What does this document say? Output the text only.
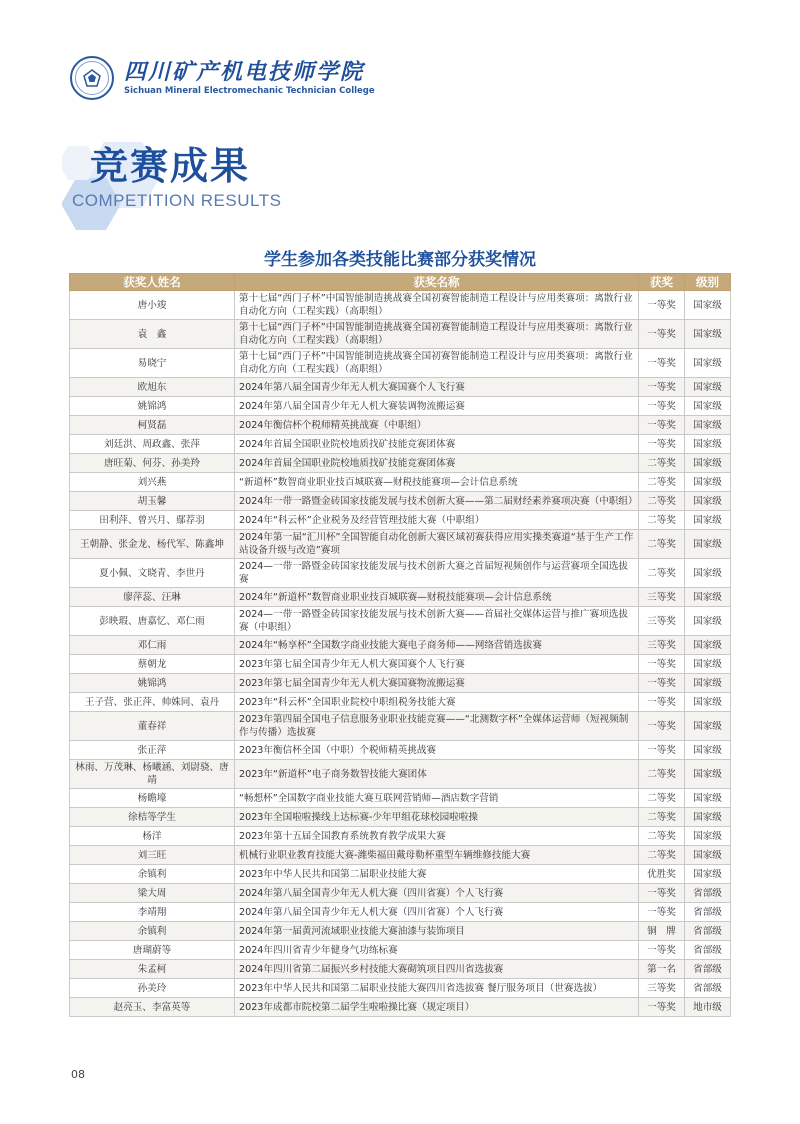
四川矿产机电技师学院
Sichuan Mineral Electromechanic Technician College
竞赛成果
COMPETITION RESULTS
学生参加各类技能比赛部分获奖情况
获奖人姓名	获奖名称	获奖	级别
唐小竣	第十七届“西门子杯”中国智能制造挑战赛全国初赛智能制造工程设计与应用类赛项：离散行业自动化方向（工程实践）（高职组）	一等奖	国家级
袁　鑫	第十七届“西门子杯”中国智能制造挑战赛全国初赛智能制造工程设计与应用类赛项：离散行业自动化方向（工程实践）（高职组）	一等奖	国家级
易晓宁	第十七届“西门子杯”中国智能制造挑战赛全国初赛智能制造工程设计与应用类赛项：离散行业自动化方向（工程实践）（高职组）	一等奖	国家级
欧旭东	2024年第八届全国青少年无人机大赛国赛个人飞行赛	一等奖	国家级
姚锦鸿	2024年第八届全国青少年无人机大赛装调物流搬运赛	一等奖	国家级
柯贤磊	2024年衡信杯个税师精英挑战赛（中职组）	一等奖	国家级
刘廷洪、周政鑫、张萍	2024年首届全国职业院校地质找矿技能竞赛团体赛	一等奖	国家级
唐旺菊、何芬、孙美羚	2024年首届全国职业院校地质找矿技能竞赛团体赛	二等奖	国家级
刘兴燕	“新道杯”数智商业职业技百城联赛—财税技能赛项—会计信息系统	二等奖	国家级
胡玉馨	2024年一带一路暨金砖国家技能发展与技术创新大赛——第二届财经素养赛项决赛（中职组）	二等奖	国家级
田利萍、曾兴月、鄢荐羽	2024年“科云杯”企业税务及经营管理技能大赛（中职组）	二等奖	国家级
王朝静、张金龙、杨代军、陈鑫坤	2024年第一届“汇川杯”全国智能自动化创新大赛区域初赛获得应用实操类赛道“基于生产工作站设备升级与改造”赛项	二等奖	国家级
夏小佩、文晓青、李世丹	2024—一带一路暨金砖国家技能发展与技术创新大赛之首届短视频创作与运营赛项全国选拔赛	二等奖	国家级
廖萍蕊、汪琳	2024年“新道杯”数智商业职业技百城联赛—财税技能赛项—会计信息系统	三等奖	国家级
彭映瑕、唐嘉忆、邓仁雨	2024—一带一路暨金砖国家技能发展与技术创新大赛——首届社交媒体运营与推广赛项选拔赛（中职组）	三等奖	国家级
邓仁雨	2024年“畅享杯”全国数字商业技能大赛电子商务师——网络营销选拔赛	三等奖	国家级
蔡朝龙	2023年第七届全国青少年无人机大赛国赛个人飞行赛	一等奖	国家级
姚锦鸿	2023年第七届全国青少年无人机大赛国赛物流搬运赛	一等奖	国家级
王子营、张正萍、帅姝同、袁丹	2023年“科云杯”全国职业院校中职组税务技能大赛	一等奖	国家级
董春祥	2023年第四届全国电子信息服务业职业技能竞赛——“北测数字杯”全媒体运营师（短视频制作与传播）选拔赛	一等奖	国家级
张正萍	2023年衡信杯全国（中职）个税师精英挑战赛	一等奖	国家级
林雨、万茂琳、杨曦涵、刘尉骁、唐靖	2023年“新道杯”电子商务数智技能大赛团体	二等奖	国家级
杨瞻壕	“畅想杯”全国数字商业技能大赛互联网营销师—酒店数字营销	二等奖	国家级
徐桔等学生	2023年全国啦啦操线上达标赛-少年甲组花球校园啦啦操	二等奖	国家级
杨洋	2023年第十五届全国教育系统教育教学成果大赛	二等奖	国家级
刘三旺	机械行业职业教育技能大赛-潍柴福田戴母勒杯重型车辆维修技能大赛	二等奖	国家级
余镇利	2023年中华人民共和国第二届职业技能大赛	优胜奖	国家级
梁大周	2024年第八届全国青少年无人机大赛（四川省赛）个人飞行赛	一等奖	省部级
李靖翔	2024年第八届全国青少年无人机大赛（四川省赛）个人飞行赛	一等奖	省部级
余镇利	2024年第一届黄河流域职业技能大赛油漆与装饰项目	铜　牌	省部级
唐瑚蔚等	2024年四川省青少年健身气功练标赛	一等奖	省部级
朱孟柯	2024年四川省第二届振兴乡村技能大赛砌筑项目四川省选拔赛	第一名	省部级
孙美玲	2023年中华人民共和国第二届职业技能大赛四川省选拔赛 餐厅服务项目（世赛选拔）	三等奖	省部级
赵亮玉、李富英等	2023年成都市院校第二届学生啦啦操比赛（规定项目）	一等奖	地市级
08
